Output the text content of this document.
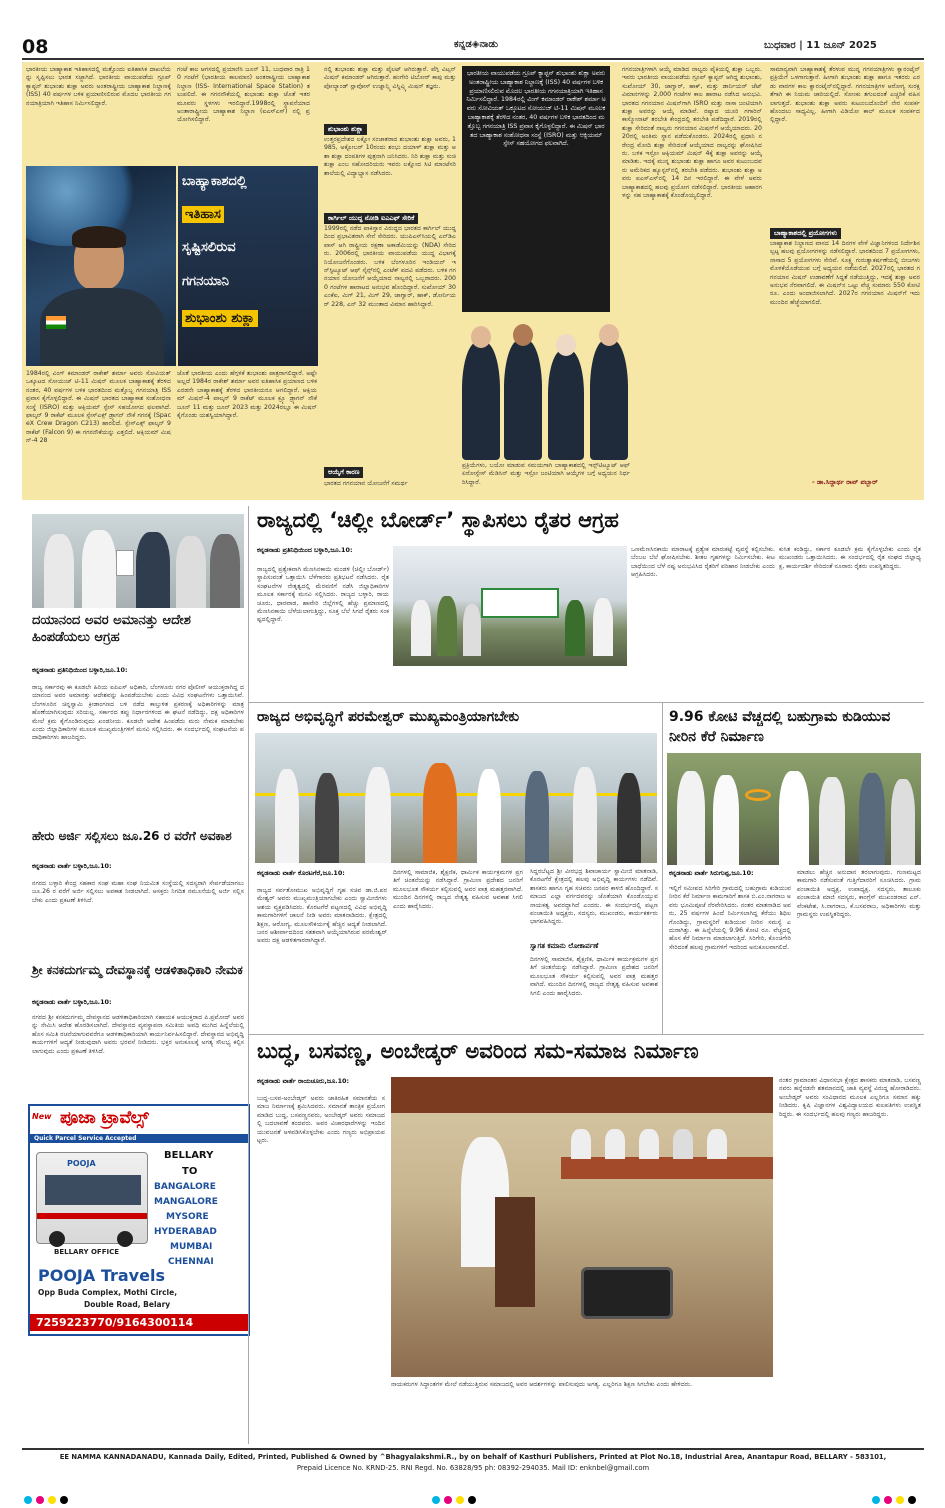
08	ಕನ್ನಡ◈ನಾಡು	ಬುಧವಾರ | 11 ಜೂನ್ 2025
ಭಾರತೀಯ ಬಾಹ್ಯಾಕಾಶ ಇತಿಹಾಸದಲ್ಲಿ ಮತ್ತೊಂದು ಐತಿಹಾಸಿಕ ದಾಖಲೆಯನ್ನು ಸೃಷ್ಟಿಸಲು ಭಾರತ ಸಜ್ಜಾಗಿದೆ. ಭಾರತೀಯ ವಾಯುಪಡೆಯ ಗ್ರೂಪ್ ಕ್ಯಾಪ್ಟನ್ ಶುಭಾಂಶು ಶುಕ್ಲಾ ಅವರು ಅಂತರಾಷ್ಟ್ರೀಯ ಬಾಹ್ಯಾಕಾಶ ನಿಲ್ದಾಣಕ್ಕೆ (ISS) 40 ವರ್ಷಗಳ ಬಳಿಕ ಪ್ರಯಾಣಿಸಲಿರುವ ಮೊದಲ ಭಾರತೀಯ ಗಗನಯಾತ್ರಿಯಾಗಿ ಇತಿಹಾಸ ನಿರ್ಮಿಸಲಿದ್ದಾರೆ.
ಗಂಟೆ ಕಾಲ ಆಗಸದಲ್ಲಿ ಪ್ರಯಾಣಿಸಿ ಜೂನ್ 11, ಬುಧವಾರ ರಾತ್ರಿ 10 ಗಂಟೆಗೆ (ಭಾರತೀಯ ಕಾಲಮಾನ) ಅಂತರಾಷ್ಟ್ರೀಯ ಬಾಹ್ಯಾಕಾಶ ನಿಲ್ದಾಣ (ISS- International Space Station) ತಲುಪಲಿದೆ. ಈ ಗಗನನೌಕೆಯಲ್ಲಿ ಶುಭಾಂಶು ಶುಕ್ಲಾ ಜೊತೆ ಇತರ ಮೂವರು ಸ್ಥಳಗಳು ಇರಲಿದ್ದಾರೆ.1998ರಲ್ಲಿ ಸ್ಥಾಪನೆಯಾದ ಅಂತಾರಾಷ್ಟ್ರೀಯ ಬಾಹ್ಯಾಕಾಶ ನಿಲ್ದಾಣ (ಐಎಸ್ಎಸ್) ನಲ್ಲಿ ಪ್ರಯೋಗಿಸಲಿದ್ದಾರೆ.
ಬಾಹ್ಯಾಕಾಶದಲ್ಲಿ
ಇತಿಹಾಸ
ಸೃಷ್ಟಿಸಲಿರುವ
ಗಗನಯಾನಿ
ಶುಭಾಂಶು ಶುಕ್ಲಾ
1984ರಲ್ಲಿ ವಿಂಗ್ ಕಮಾಂಡರ್ ರಾಕೇಶ್ ಶರ್ಮಾ ಅವರು ಸೋವಿಯತ್ ಒಕ್ಕೂಟದ ಸೋಯುಜ್ ಟಿ-11 ಮಿಷನ್ ಮೂಲಕ ಬಾಹ್ಯಾಕಾಶಕ್ಕೆ ತೆರಳಿದ ನಂತರ, 40 ವರ್ಷಗಳ ಬಳಿಕ ಭಾರತದಿಂದ ಮತ್ತೊಬ್ಬ ಗಗನಯಾತ್ರಿ ISS ಪ್ರವಾಸ ಕೈಗೊಳ್ಳಲಿದ್ದಾರೆ. ಈ ಮಿಷನ್ ಭಾರತದ ಬಾಹ್ಯಾಕಾಶ ಸಂಶೋಧನಾ ಸಂಸ್ಥೆ (ISRO) ಮತ್ತು ಆಕ್ಸಿಯಮ್ ಸ್ಪೇಸ್ ಸಹಯೋಗದ ಫಲವಾಗಿದೆ. ಫಾಲ್ಕನ್ 9 ರಾಕೆಟ್ ಮೂಲಕ ಸ್ಪೇಸ್ಎಕ್ಸ್ ಡ್ರ್ಯಾಗನ್ ನೌಕೆ ಗಗನಕ್ಕೆ (SpaceX Crew Dragon C213) ಹಾರಲಿದೆ. ಸ್ಪೇಸ್ಎಕ್ಸ್ ಫಾಲ್ಕನ್ 9 ರಾಕೆಟ್ (Falcon 9) ಈ ಗಗನನೌಕೆಯನ್ನು ಎತ್ತಲಿದೆ. ಆಕ್ಸಿಯಮ್ ಮಿಷನ್-4 28
ಜೊತೆ ಭಾರತೀಯ ಎಂದು ಹೆಗ್ಗಳಿಕೆ ಶುಭಾಂಶು ಪಾತ್ರರಾಗಲಿದ್ದಾರೆ. ಅಷ್ಟೇ ಅಲ್ಲದೆ 1984ರ ರಾಕೇಶ್ ಶರ್ಮಾ ಅವರ ಐತಿಹಾಸಿಕ ಪ್ರಯಾಣದ ಬಳಿಕ ಎರಡನೇ ಬಾಹ್ಯಾಕಾಶಕ್ಕೆ ತೆರಳಿದ ಭಾರತೀಯರೂ ಆಗಲಿದ್ದಾರೆ. ಆಕ್ಸಿಯಮ್ ಮಿಷನ್-4 ಪಾಲ್ಕನ್ 9 ರಾಕೆಟ್ ಮೂಲಕ ಕ್ರ್ಯೂ ಡ್ರ್ಯಾಗನ್ ನೌಕೆ ಜೂನ್ 11 ಮತ್ತು ಜೂನ್ 2023 ಮತ್ತು 2024ರಲ್ಲೂ ಈ ಮಿಷನ್ ಕೈಗೊಂಡು ಯಶಸ್ವಿಯಾಗಿದ್ದಾರೆ.
ನಲ್ಲಿ ಶುಭಾಂಶು ಶುಕ್ಲಾ ಮತ್ತು ಪೈಲಟ್ ಆಗಿರುತ್ತಾರೆ. ಪೆಗ್ಗಿ ವಿಟ್ಸನ್ ಮಿಷನ್ ಕಮಾಂಡರ್ ಆಗಿರುತ್ತಾರೆ. ಹಂಗೇರಿ ಟಿಬೋರ್ ಕಾಪು ಮತ್ತು ಪೋಲ್ಯಾಂಡ್ ಸ್ಲಾವೋಸ್ ಉಜ್ನಾನ್ಸ್ಕಿ ವಿಸ್ನಿವ್ಸ್ಕಿ ಮಿಷನ್ ತಜ್ಞರು.
ಶುಭಾಂಶು ಶುಕ್ಲಾ
ಉತ್ತರಪ್ರದೇಶದ ಲಕ್ನೋ ಸಂಜಾತರಾದ ಶುಭಾಂಶು ಶುಕ್ಲಾ ಅವರು, 1985, ಅಕ್ಟೋಬರ್ 10ರಂದು ಶಂಭು ದಯಾಳ್ ಶುಕ್ಲಾ ಮತ್ತು ಆಶಾ ಶುಕ್ಲಾ ದಂಪತಿಗಳ ಪುತ್ರನಾಗಿ ಜನಿಸಿದರು. ನಿರಿ ಶುಕ್ಲಾ ಮತ್ತು ಸುಚಿ ಶುಕ್ಲಾ ಎಂಬ ಸಹೋದರಿಯರು ಇವರು ಲಕ್ನೋದ ಸಿಟಿ ಮಾಂಟೆಸರಿ ಶಾಲೆಯಲ್ಲಿ ವಿದ್ಯಾಭ್ಯಾಸ ನಡೆಸಿದರು.
ಕಾರ್ಗಿಲ್ ಯುದ್ಧ ನೋಡಿ ಐಎಎಫ್ ಸೇರಿಕೆ
1999ರಲ್ಲಿ ನಡೆದ ಪಾಕಿಸ್ತಾನ ವಿರುದ್ಧದ ಭಾರತದ ಕಾರ್ಗಿಲ್ ಯುದ್ಧದಿಂದ ಪ್ರಭಾವಿತರಾಗಿ ಸೇನೆ ಸೇರಿದರು. ಯುಪಿಎಸ್‌ಸಿಯಲ್ಲಿ ಎನ್‌ಡಿಎ ಪಾಸ್ ಆಗಿ ರಾಷ್ಟ್ರೀಯ ರಕ್ಷಣಾ ಅಕಾಡೆಮಿಯನ್ನು (NDA) ಸೇರಿದರು. 2006ರಲ್ಲಿ ಭಾರತೀಯ ವಾಯುಪಡೆಯ ಯುದ್ಧ ವಿಭಾಗಕ್ಕೆ ನಿಯೋಜನೆಗೊಂಡರು. ಬಳಿಕ ಬೆಂಗಳೂರಿನ ಇಂಡಿಯನ್ ಇನ್‌ಸ್ಟಿಟ್ಯೂಟ್ ಆಫ್ ಸೈನ್ಸ್‌ನಲ್ಲಿ ಎಂಟೆಕ್ ಪದವಿ ಪಡೆದರು. ಬಳಿಕ ಗಗನಯಾನ ಯೋಜನೆಗೆ ಆಯ್ಕೆಯಾದ ನಾಲ್ವರಲ್ಲಿ ಒಬ್ಬರಾದರು. 2000 ಗಂಟೆಗಳ ಹಾರಾಟದ ಅನುಭವ ಹೊಂದಿದ್ದಾರೆ. ಸುಖೋಯ್ 30 ಎಂಕೆಐ, ಮಿಗ್ 21, ಮಿಗ್ 29, ಜಾಗ್ವಾರ್, ಹಾಕ್, ಡೋರ್ನಿಯರ್ 228, ಎನ್ 32 ಮುಂತಾದ ವಿಮಾನ ಹಾರಿಸಿದ್ದಾರೆ.
ಆಯ್ಕೆಗೆ ಕಾರಣ
ಭಾರತದ ಗಗನಯಾನ ಯೋಜನೆಗೆ ಸಮರ್ಥ
ಭಾರತೀಯ ವಾಯುಪಡೆಯ ಗ್ರೂಪ್ ಕ್ಯಾಪ್ಟನ್ ಶುಭಾಂಶು ಶುಕ್ಲಾ ಅವರು ಅಂತರಾಷ್ಟ್ರೀಯ ಬಾಹ್ಯಾಕಾಶ ನಿಲ್ದಾಣಕ್ಕೆ (ISS) 40 ವರ್ಷಗಳ ಬಳಿಕ ಪ್ರಯಾಣಿಸಲಿರುವ ಮೊದಲ ಭಾರತೀಯ ಗಗನಯಾತ್ರಿಯಾಗಿ ಇತಿಹಾಸ ನಿರ್ಮಿಸಲಿದ್ದಾರೆ. 1984ರಲ್ಲಿ ವಿಂಗ್ ಕಮಾಂಡರ್ ರಾಕೇಶ್ ಶರ್ಮಾ ಅವರು ಸೋವಿಯತ್ ಒಕ್ಕೂಟದ ಸೋಯುಜ್ ಟಿ-11 ಮಿಷನ್ ಮೂಲಕ ಬಾಹ್ಯಾಕಾಶಕ್ಕೆ ತೆರಳಿದ ನಂತರ, 40 ವರ್ಷಗಳ ಬಳಿಕ ಭಾರತದಿಂದ ಮತ್ತೊಬ್ಬ ಗಗನಯಾತ್ರಿ ISS ಪ್ರವಾಸ ಕೈಗೊಳ್ಳಲಿದ್ದಾರೆ. ಈ ಮಿಷನ್ ಭಾರತದ ಬಾಹ್ಯಾಕಾಶ ಸಂಶೋಧನಾ ಸಂಸ್ಥೆ (ISRO) ಮತ್ತು ಆಕ್ಸಿಯಮ್ ಸ್ಪೇಸ್ ಸಹಯೋಗದ ಫಲವಾಗಿದೆ.
ಪ್ರಕ್ರಿಯೆಗಳು, ಬಯೋ ಮಾಡುವ ಸಮಯಗಾಗಿ ಬಾಹ್ಯಾಕಾಶದಲ್ಲಿ ಇನ್ಸ್‌ಟಿಟ್ಯೂಟ್ ಆಫ್ ಏರೋಸ್ಪೇಸ್ ಮೆಡಿಸಿನ್ ಮತ್ತು ಇಸ್ರೋ ಜಂಟಿಯಾಗಿ ಆಯ್ಕೆಗಳ ಬಗ್ಗೆ ಅಧ್ಯಯನ ನಿರ್ಧರಿಸಿದ್ದಾರೆ.
ಗಗನಯಾತ್ರಿಗಳಾಗಿ ಆಯ್ಕೆ ಮಾಡಿದ ನಾಲ್ವರು ಪೈಕಿಯಲ್ಲಿ ಶುಕ್ಲಾ ಒಬ್ಬರು. ಇವರು ಭಾರತೀಯ ವಾಯುಪಡೆಯ ಗ್ರೂಪ್ ಕ್ಯಾಪ್ಟನ್ ಆಗಿದ್ದ ಶುಭಾಂಶು, ಸುಖೋಯ್ 30, ಜಾಗ್ವಾರ್, ಹಾಕ್, ಮತ್ತು ಡಾರ್ನಿಯರ್ ಜೆಟ್ ವಿಮಾನಗಳನ್ನು 2,000 ಗಂಟೆಗಳ ಕಾಲ ಹಾರಾಟ ನಡೆಸಿದ ಅನುಭವಿ. ಭಾರತದ ಗಗನಯಾನ ಮಿಷನ್‌ಗಾಗಿ ISRO ಮತ್ತು ನಾಸಾ ಜಂಟಿಯಾಗಿ ಶುಕ್ಲಾ ಅವರನ್ನು ಆಯ್ಕೆ ಮಾಡಿವೆ. ರಷ್ಯಾದ ಯೂರಿ ಗಗಾರಿನ್ ಕಾಸ್ಮೋನಾಟ್ ತರಬೇತಿ ಕೇಂದ್ರದಲ್ಲಿ ತರಬೇತಿ ಪಡೆದಿದ್ದಾರೆ. 2019ರಲ್ಲಿ ಶುಕ್ಲಾ ಸೇರಿದಂತೆ ನಾಲ್ವರು ಗಗನಯಾನ ಮಿಷನ್‌ಗೆ ಆಯ್ಕೆಯಾದರು. 2020ರಲ್ಲಿ ಅಂತಿಮ ಸ್ಥಾನ ಪಡೆದುಕೊಂಡರು. 2024ರಲ್ಲಿ ಪ್ರಧಾನಿ ನರೇಂದ್ರ ಮೋದಿ ಶುಕ್ಲಾ ಸೇರಿದಂತೆ ಆಯ್ಕೆಯಾದ ನಾಲ್ವರನ್ನು ಘೋಷಿಸಿದರು. ಬಳಿಕ ಇಸ್ರೋ ಆಕ್ಸಿಯಮ್ ಮಿಷನ್ 4ಕ್ಕೆ ಶುಕ್ಲಾ ಅವರನ್ನು ಆಯ್ಕೆ ಮಾಡಿತು. ಇದಕ್ಕೆ ಮುನ್ನ ಶುಭಾಂಶು ಶುಕ್ಲಾ ಹಾಗೂ ಅವರ ಕುಟುಂಬದವರು ಅಮೆರಿಕದ ಹ್ಯೂಸ್ಟನ್‌ನಲ್ಲಿ ತರಬೇತಿ ಪಡೆದರು. ಶುಭಾಂಶು ಶುಕ್ಲಾ ಅವರು ಐಎಸ್‌ಎಸ್‌ನಲ್ಲಿ 14 ದಿನ ಇರಲಿದ್ದಾರೆ. ಈ ವೇಳೆ ಅವರು ಬಾಹ್ಯಾಕಾಶದಲ್ಲಿ ಹಲವು ಪ್ರಯೋಗ ನಡೆಸಲಿದ್ದಾರೆ. ಭಾರತೀಯ ಆಹಾರಗಳನ್ನು ಸಹ ಬಾಹ್ಯಾಕಾಶಕ್ಕೆ ಕೊಂಡೊಯ್ಯಲಿದ್ದಾರೆ.
ಸಾಮಾನ್ಯವಾಗಿ ಬಾಹ್ಯಾಕಾಶಕ್ಕೆ ತೆರಳುವ ಮುನ್ನ ಗಗನಯಾತ್ರಿಗಳು ಕ್ವಾರಂಟೈನ್ ಪ್ರಕ್ರಿಯೆಗೆ ಒಳಗಾಗುತ್ತಾರೆ. ಹೀಗಾಗಿ ಶುಭಾಂಶು ಶುಕ್ಲಾ ಹಾಗೂ ಇತರರು ಎರಡು ವಾರಗಳ ಕಾಲ ಕ್ವಾರಂಟೈನ್‌ನಲ್ಲಿದ್ದಾರೆ. ಗಗನಯಾತ್ರಿಗಳ ಆರೋಗ್ಯ ಸುರಕ್ಷತೆಗಾಗಿ ಈ ನಿಯಮ ಜಾರಿಯಲ್ಲಿದೆ. ಸೋಂಕು ತಗುಲದಂತೆ ಎಚ್ಚರಿಕೆ ವಹಿಸಲಾಗುತ್ತದೆ. ಶುಭಾಂಶು ಶುಕ್ಲಾ ಅವರು ಕುಟುಂಬದೊಂದಿಗೆ ನೇರ ಸಂಪರ್ಕ ಹೊಂದಲು ಸಾಧ್ಯವಿಲ್ಲ. ಹೀಗಾಗಿ ವಿಡಿಯೋ ಕಾಲ್ ಮೂಲಕ ಸಂಪರ್ಕದಲ್ಲಿದ್ದಾರೆ.
ಬಾಹ್ಯಾಕಾಶದಲ್ಲಿ ಪ್ರಯೋಗಗಳು
ಬಾಹ್ಯಾಕಾಶ ನಿಲ್ದಾಣದ ವಾಸದ 14 ದಿನಗಳ ವೇಳೆ ವಿಜ್ಞಾನಿಗಳಿಂದ ನಿರ್ದೇಶಿಸಲ್ಪಟ್ಟ ಹಲವು ಪ್ರಯೋಗಗಳನ್ನು ನಡೆಸಲಿದ್ದಾರೆ. ಭಾರತದಿಂದ 7 ಪ್ರಯೋಗಗಳು, ನಾಸಾದ 5 ಪ್ರಯೋಗಗಳು ಸೇರಿವೆ. ಸೂಕ್ಷ್ಮ ಗುರುತ್ವಾಕರ್ಷಣೆಯಲ್ಲಿ ಬೀಜಗಳು ಮೊಳಕೆಯೊಡೆಯುವ ಬಗ್ಗೆ ಅಧ್ಯಯನ ನಡೆಯಲಿದೆ. 2027ರಲ್ಲಿ ಭಾರತದ ಗಗನಯಾನ ಮಿಷನ್ ಉಡಾವಣೆಗೆ ಸಿದ್ಧತೆ ನಡೆಯುತ್ತಿದ್ದು, ಇದಕ್ಕೆ ಶುಕ್ಲಾ ಅವರ ಅನುಭವ ನೆರವಾಗಲಿದೆ. ಈ ಮಿಷನ್‌ನ ಒಟ್ಟು ವೆಚ್ಚ ಸುಮಾರು 550 ಕೋಟಿ ರೂ. ಎಂದು ಅಂದಾಜಿಸಲಾಗಿದೆ. 2027ರ ಗಗನಯಾನ ಮಿಷನ್‌ಗೆ ಇದು ಮುಂದಿನ ಹೆಜ್ಜೆಯಾಗಲಿದೆ.
- ಡಾ.ಸಿದ್ದಾರ್ಥ ರಾವ್ ಪಬ್ಬಾರ್
ದಯಾನಂದ ಅವರ ಅಮಾನತ್ತು ಆದೇಶ ಹಿಂಪಡೆಯಲು ಆಗ್ರಹ
ಕನ್ನಡನಾಡು ಪ್ರತಿನಿಧಿಯಿಂದ ಬಳ್ಳಾರಿ,ಜೂ.10:
ರಾಜ್ಯ ಸರ್ಕಾರವು ಈ ಕೂಡಲೇ ಹಿರಿಯ ಐಪಿಎಸ್ ಅಧಿಕಾರಿ, ಬೆಂಗಳೂರು ನಗರ ಪೊಲೀಸ್ ಆಯುಕ್ತರಾಗಿದ್ದ ದಯಾನಂದ ಅವರ ಅಮಾನತ್ತು ಆದೇಶವನ್ನು ಹಿಂಪಡೆಯಬೇಕು ಎಂದು ವಿವಿಧ ಸಂಘಟನೆಗಳು ಒತ್ತಾಯಿಸಿವೆ. ಬೆಂಗಳೂರಿನ ಚಿನ್ನಸ್ವಾಮಿ ಕ್ರೀಡಾಂಗಣದ ಬಳಿ ನಡೆದ ಕಾಲ್ತುಳಿತ ಪ್ರಕರಣಕ್ಕೆ ಅಧಿಕಾರಿಗಳನ್ನು ಮಾತ್ರ ಹೊಣೆಯಾಗಿಸುವುದು ಸರಿಯಲ್ಲ. ಸರ್ಕಾರದ ತಪ್ಪು ನಿರ್ಧಾರಗಳಿಂದ ಈ ಘಟನೆ ನಡೆದಿದ್ದು, ದಕ್ಷ ಅಧಿಕಾರಿಗಳ ಮೇಲೆ ಕ್ರಮ ಕೈಗೊಂಡಿರುವುದು ಖಂಡನೀಯ. ಕೂಡಲೇ ಆದೇಶ ಹಿಂಪಡೆದು ಮರು ನೇಮಕ ಮಾಡಬೇಕು ಎಂದು ಜಿಲ್ಲಾಧಿಕಾರಿಗಳ ಮೂಲಕ ಮುಖ್ಯಮಂತ್ರಿಗಳಿಗೆ ಮನವಿ ಸಲ್ಲಿಸಿದರು. ಈ ಸಂದರ್ಭದಲ್ಲಿ ಸಂಘಟನೆಯ ಪದಾಧಿಕಾರಿಗಳು ಹಾಜರಿದ್ದರು.
ಹೇರು ಅರ್ಜಿ ಸಲ್ಲಿಸಲು ಜೂ.26 ರ ವರೆಗೆ ಅವಕಾಶ
ಕನ್ನಡನಾಡು ವಾರ್ತೆ ಬಳ್ಳಾರಿ,ಜೂ.10:
ನಗರದ ಬಳ್ಳಾರಿ ಕೇಂದ್ರ ಸಹಕಾರ ಸಂಘ ಮಹಾ ಸಂಘ ನಿಯಮಿತ ಸಂಸ್ಥೆಯಲ್ಲಿ ಸದಸ್ಯರಾಗಿ ಸೇರ್ಪಡೆಯಾಗಲು ಜೂ.26 ರ ವರೆಗೆ ಅರ್ಜಿ ಸಲ್ಲಿಸಲು ಅವಕಾಶ ನೀಡಲಾಗಿದೆ. ಆಸಕ್ತರು ನಿಗದಿತ ನಮೂನೆಯಲ್ಲಿ ಅರ್ಜಿ ಸಲ್ಲಿಸಬೇಕು ಎಂದು ಪ್ರಕಟಣೆ ತಿಳಿಸಿದೆ.
ಶ್ರೀ ಕನಕದುರ್ಗಮ್ಮ ದೇವಸ್ಥಾನಕ್ಕೆ ಆಡಳಿತಾಧಿಕಾರಿ ನೇಮಕ
ಕನ್ನಡನಾಡು ವಾರ್ತೆ ಬಳ್ಳಾರಿ,ಜೂ.10:
ನಗರದ ಶ್ರೀ ಕನಕದುರ್ಗಮ್ಮ ದೇವಸ್ಥಾನದ ಆಡಳಿತಾಧಿಕಾರಿಯಾಗಿ ಸಹಾಯಕ ಆಯುಕ್ತರಾದ ಪಿ.ಪ್ರಮೋದ್ ಅವರನ್ನು ನೇಮಿಸಿ ಆದೇಶ ಹೊರಡಿಸಲಾಗಿದೆ. ದೇವಸ್ಥಾನದ ವ್ಯವಸ್ಥಾಪನಾ ಸಮಿತಿಯ ಅವಧಿ ಮುಗಿದ ಹಿನ್ನೆಲೆಯಲ್ಲಿ ಹೊಸ ಸಮಿತಿ ರಚನೆಯಾಗುವವರೆಗೂ ಆಡಳಿತಾಧಿಕಾರಿಯಾಗಿ ಕಾರ್ಯನಿರ್ವಹಿಸಲಿದ್ದಾರೆ. ದೇವಸ್ಥಾನದ ಅಭಿವೃದ್ಧಿ ಕಾರ್ಯಗಳಿಗೆ ಆದ್ಯತೆ ನೀಡುವುದಾಗಿ ಅವರು ಭರವಸೆ ನೀಡಿದರು. ಭಕ್ತರ ಅನುಕೂಲಕ್ಕೆ ಅಗತ್ಯ ಸೌಲಭ್ಯ ಕಲ್ಪಿಸಲಾಗುವುದು ಎಂದು ಪ್ರಕಟಣೆ ತಿಳಿಸಿದೆ.
New ಪೂಜಾ ಟ್ರಾವೆಲ್ಸ್
Quick Parcel Service Accepted
POOJA
BELLARY
TO
BANGALORE
MANGALORE
MYSORE
HYDERABAD
MUMBAI
CHENNAI
BELLARY OFFICE
POOJA Travels
Opp Buda Complex, Mothi Circle,
Double Road, Belary
7259223770/9164300114
ರಾಜ್ಯದಲ್ಲಿ ‘ಚಿಲ್ಲೀ ಬೋರ್ಡ್’ ಸ್ಥಾಪಿಸಲು ರೈತರ ಆಗ್ರಹ
ಕನ್ನಡನಾಡು ಪ್ರತಿನಿಧಿಯಿಂದ ಬಳ್ಳಾರಿ,ಜೂ.10:
ರಾಜ್ಯದಲ್ಲಿ ಪ್ರತ್ಯೇಕವಾಗಿ ಮೆಣಸಿನಕಾಯಿ ಮಂಡಳಿ (ಚಿಲ್ಲೀ ಬೋರ್ಡ್) ಸ್ಥಾಪಿಸುವಂತೆ ಒತ್ತಾಯಿಸಿ ಬೆಳೆಗಾರರು ಪ್ರತಿಭಟನೆ ನಡೆಸಿದರು. ರೈತ ಸಂಘಟನೆಗಳ ನೇತೃತ್ವದಲ್ಲಿ ಮೆರವಣಿಗೆ ನಡೆಸಿ ಜಿಲ್ಲಾಧಿಕಾರಿಗಳ ಮೂಲಕ ಸರ್ಕಾರಕ್ಕೆ ಮನವಿ ಸಲ್ಲಿಸಿದರು. ರಾಜ್ಯದ ಬಳ್ಳಾರಿ, ರಾಯಚೂರು, ಧಾರವಾಡ, ಹಾವೇರಿ ಜಿಲ್ಲೆಗಳಲ್ಲಿ ಹೆಚ್ಚು ಪ್ರಮಾಣದಲ್ಲಿ ಮೆಣಸಿನಕಾಯಿ ಬೆಳೆಯಲಾಗುತ್ತಿದ್ದು, ಸೂಕ್ತ ಬೆಲೆ ಸಿಗದೆ ರೈತರು ಸಂಕಷ್ಟದಲ್ಲಿದ್ದಾರೆ.
ಒಣಮೆಣಸಿನಕಾಯಿ ಮಾರಾಟಕ್ಕೆ ಪ್ರತ್ಯೇಕ ಮಾರುಕಟ್ಟೆ ವ್ಯವಸ್ಥೆ ಕಲ್ಪಿಸಬೇಕು. ಬೆಂಬಲ ಬೆಲೆ ಘೋಷಿಸಬೇಕು. ಶೀತಲ ಗೃಹಗಳನ್ನು ನಿರ್ಮಿಸಬೇಕು. ಕೀಟ ಬಾಧೆಯಿಂದ ಬೆಳೆ ನಷ್ಟ ಅನುಭವಿಸಿದ ರೈತರಿಗೆ ಪರಿಹಾರ ನೀಡಬೇಕು ಎಂದು ಆಗ್ರಹಿಸಿದರು.
ಕುಸಿತ ಕಂಡಿದ್ದು, ಸರ್ಕಾರ ಕೂಡಲೇ ಕ್ರಮ ಕೈಗೊಳ್ಳಬೇಕು ಎಂದು ರೈತ ಮುಖಂಡರು ಒತ್ತಾಯಿಸಿದರು. ಈ ಸಂದರ್ಭದಲ್ಲಿ ರೈತ ಸಂಘದ ಜಿಲ್ಲಾಧ್ಯಕ್ಷ, ಕಾರ್ಯದರ್ಶಿ ಸೇರಿದಂತೆ ನೂರಾರು ರೈತರು ಉಪಸ್ಥಿತರಿದ್ದರು.
ರಾಜ್ಯದ ಅಭಿವೃದ್ಧಿಗೆ ಪರಮೇಶ್ವರ್ ಮುಖ್ಯಮಂತ್ರಿಯಾಗಬೇಕು
ಕನ್ನಡನಾಡು ವಾರ್ತೆ ಕೊರಟಗೆರೆ,ಜೂ.10:
ರಾಜ್ಯದ ಸರ್ವತೋಮುಖ ಅಭಿವೃದ್ಧಿಗೆ ಗೃಹ ಸಚಿವ ಡಾ.ಜಿ.ಪರಮೇಶ್ವರ್ ಅವರು ಮುಖ್ಯಮಂತ್ರಿಯಾಗಬೇಕು ಎಂದು ಸ್ವಾಮೀಜಿಗಳು ಆಶಯ ವ್ಯಕ್ತಪಡಿಸಿದರು. ಕೊರಟಗೆರೆ ಪಟ್ಟಣದಲ್ಲಿ ವಿವಿಧ ಅಭಿವೃದ್ಧಿ ಕಾಮಗಾರಿಗಳಿಗೆ ಚಾಲನೆ ನೀಡಿ ಅವರು ಮಾತನಾಡಿದರು. ಕ್ಷೇತ್ರದಲ್ಲಿ ಶಿಕ್ಷಣ, ಆರೋಗ್ಯ, ಮೂಲಸೌಕರ್ಯಕ್ಕೆ ಹೆಚ್ಚಿನ ಆದ್ಯತೆ ನೀಡಲಾಗಿದೆ. ಜನರ ಆಶೀರ್ವಾದದಿಂದ ಸತತವಾಗಿ ಆಯ್ಕೆಯಾಗಿರುವ ಪರಮೇಶ್ವರ್ ಅವರು ದಕ್ಷ ಆಡಳಿತಗಾರರಾಗಿದ್ದಾರೆ.
ದಿನಗಳಲ್ಲಿ ಸಾಮಾಜಿಕ, ಶೈಕ್ಷಣಿಕ, ಧಾರ್ಮಿಕ ಕಾರ್ಯಕ್ರಮಗಳ ಪ್ರಗತಿಗೆ ಚಿಂತನೆಯನ್ನು ನಡೆಸಿದ್ದಾರೆ. ಗ್ರಾಮೀಣ ಪ್ರದೇಶದ ಜನರಿಗೆ ಮೂಲಭೂತ ಸೌಕರ್ಯ ಕಲ್ಪಿಸುವಲ್ಲಿ ಅವರ ಪಾತ್ರ ಮಹತ್ತರವಾಗಿದೆ. ಮುಂದಿನ ದಿನಗಳಲ್ಲಿ ರಾಜ್ಯದ ನೇತೃತ್ವ ವಹಿಸುವ ಅವಕಾಶ ಸಿಗಲಿ ಎಂದು ಹಾರೈಸಿದರು.
ಸಿದ್ದರಬೆಟ್ಟದ ಶ್ರೀ ವೀರಭದ್ರ ಶಿವಾಚಾರ್ಯ ಸ್ವಾಮೀಜಿ ಮಾತನಾಡಿ, ಕೊರಟಗೆರೆ ಕ್ಷೇತ್ರದಲ್ಲಿ ಹಲವು ಅಭಿವೃದ್ಧಿ ಕಾರ್ಯಗಳು ನಡೆದಿವೆ. ಶಾಸಕರು ಹಾಗೂ ಗೃಹ ಸಚಿವರು ಜನಪರ ಕಾಳಜಿ ಹೊಂದಿದ್ದಾರೆ. ಸಮಾಜದ ಎಲ್ಲಾ ವರ್ಗದವರನ್ನು ಜೊತೆಯಾಗಿ ಕೊಂಡೊಯ್ಯುವ ನಾಯಕತ್ವ ಅವರದ್ದಾಗಿದೆ ಎಂದರು. ಈ ಸಂದರ್ಭದಲ್ಲಿ ಪಟ್ಟಣ ಪಂಚಾಯಿತಿ ಅಧ್ಯಕ್ಷರು, ಸದಸ್ಯರು, ಮುಖಂಡರು, ಕಾರ್ಯಕರ್ತರು ಭಾಗವಹಿಸಿದ್ದರು.
ಸ್ವಾಗತ ಕಮಾನು ಲೋಕಾರ್ಪಣೆ
ದಿನಗಳಲ್ಲಿ ಸಾಮಾಜಿಕ, ಶೈಕ್ಷಣಿಕ, ಧಾರ್ಮಿಕ ಕಾರ್ಯಕ್ರಮಗಳ ಪ್ರಗತಿಗೆ ಚಿಂತನೆಯನ್ನು ನಡೆಸಿದ್ದಾರೆ. ಗ್ರಾಮೀಣ ಪ್ರದೇಶದ ಜನರಿಗೆ ಮೂಲಭೂತ ಸೌಕರ್ಯ ಕಲ್ಪಿಸುವಲ್ಲಿ ಅವರ ಪಾತ್ರ ಮಹತ್ತರವಾಗಿದೆ. ಮುಂದಿನ ದಿನಗಳಲ್ಲಿ ರಾಜ್ಯದ ನೇತೃತ್ವ ವಹಿಸುವ ಅವಕಾಶ ಸಿಗಲಿ ಎಂದು ಹಾರೈಸಿದರು.
9.96 ಕೋಟಿ ವೆಚ್ಚದಲ್ಲಿ ಬಹುಗ್ರಾಮ ಕುಡಿಯುವ ನೀರಿನ ಕೆರೆ ನಿರ್ಮಾಣ
ಕನ್ನಡನಾಡು ವಾರ್ತೆ ಸಿರುಗುಪ್ಪ,ಜೂ.10:
ಇಲ್ಲಿಗೆ ಸಮೀಪದ ಸಿರಿಗೇರಿ ಗ್ರಾಮದಲ್ಲಿ ಬಹುಗ್ರಾಮ ಕುಡಿಯುವ ನೀರಿನ ಕೆರೆ ನಿರ್ಮಾಣ ಕಾಮಗಾರಿಗೆ ಶಾಸಕ ಬಿ.ಎಂ.ನಾಗರಾಜ ಅವರು ಭೂಮಿಪೂಜೆ ನೆರವೇರಿಸಿದರು. ನಂತರ ಮಾತನಾಡಿದ ಅವರು, 25 ವರ್ಷಗಳ ಹಿಂದೆ ನಿರ್ಮಿಸಲಾಗಿದ್ದ ಕೆರೆಯು ಶಿಥಿಲಗೊಂಡಿದ್ದು, ಗ್ರಾಮಸ್ಥರಿಗೆ ಕುಡಿಯುವ ನೀರಿನ ಸಮಸ್ಯೆ ಎದುರಾಗಿತ್ತು. ಈ ಹಿನ್ನೆಲೆಯಲ್ಲಿ 9.96 ಕೋಟಿ ರೂ. ವೆಚ್ಚದಲ್ಲಿ ಹೊಸ ಕೆರೆ ನಿರ್ಮಾಣ ಮಾಡಲಾಗುತ್ತಿದೆ. ಸಿರಿಗೇರಿ, ಕೊಂಚಿಗೇರಿ ಸೇರಿದಂತೆ ಹಲವು ಗ್ರಾಮಗಳಿಗೆ ಇದರಿಂದ ಅನುಕೂಲವಾಗಲಿದೆ.
ಮಾಡಲು ಹೆಚ್ಚಿನ ಅನುದಾನ ತರಲಾಗುವುದು. ಗುಣಮಟ್ಟದ ಕಾಮಗಾರಿ ನಡೆಸುವಂತೆ ಗುತ್ತಿಗೆದಾರರಿಗೆ ಸೂಚಿಸಿದರು. ಗ್ರಾಮ ಪಂಚಾಯಿತಿ ಅಧ್ಯಕ್ಷ, ಉಪಾಧ್ಯಕ್ಷ, ಸದಸ್ಯರು, ತಾಲೂಕು ಪಂಚಾಯಿತಿ ಮಾಜಿ ಸದಸ್ಯರು, ಕಾಂಗ್ರೆಸ್ ಮುಖಂಡರಾದ ಎನ್.ವೆಂಕಟೇಶ, ಸಿ.ನಾಗರಾಜ, ಕೆ.ಬಸವರಾಜ, ಅಧಿಕಾರಿಗಳು ಮತ್ತು ಗ್ರಾಮಸ್ಥರು ಉಪಸ್ಥಿತರಿದ್ದರು.
ಬುದ್ಧ, ಬಸವಣ್ಣ, ಅಂಬೇಡ್ಕರ್ ಅವರಿಂದ ಸಮ-ಸಮಾಜ ನಿರ್ಮಾಣ
ಕನ್ನಡನಾಡು ವಾರ್ತೆ ರಾಯಚೂರು,ಜೂ.10:
ಬುದ್ಧ-ಬಸವ-ಅಂಬೇಡ್ಕರ್ ಅವರು ಜಾತಿರಹಿತ ಸಮಾನತೆಯ ಸಮಾಜ ನಿರ್ಮಾಣಕ್ಕೆ ಶ್ರಮಿಸಿದವರು. ಸಮಾನತೆ ತಾಂತ್ರಿಕ ಪ್ರಯೋಗ ಮಾಡಿದ ಬುದ್ಧ, ಬಸವಣ್ಣನವರು, ಅಂಬೇಡ್ಕರ್ ಅವರು ಸಮಾಜದಲ್ಲಿ ಬದಲಾವಣೆ ತಂದವರು. ಅವರ ವಿಚಾರಧಾರೆಗಳನ್ನು ಇಂದಿನ ಯುವಜನತೆ ಅಳವಡಿಸಿಕೊಳ್ಳಬೇಕು ಎಂದು ಗಣ್ಯರು ಅಭಿಪ್ರಾಯಪಟ್ಟರು.
ನಾಯಕರುಗಳ ಸಿದ್ಧಾಂತಗಳ ಮೇಲೆ ನಡೆಯುತ್ತಿರುವ ಸಮಾಜದಲ್ಲಿ ಅವರ ಆದರ್ಶಗಳನ್ನು ಪಾಲಿಸುವುದು ಅಗತ್ಯ. ಎಲ್ಲರಿಗೂ ಶಿಕ್ಷಣ ಸಿಗಬೇಕು ಎಂದು ಹೇಳಿದರು.
ನಂತರ ಗ್ರಾಮಾಂತರ ವಿಧಾನಸಭಾ ಕ್ಷೇತ್ರದ ಶಾಸಕರು ಮಾತನಾಡಿ, ಬಸವಣ್ಣನವರು ಹನ್ನೆರಡನೇ ಶತಮಾನದಲ್ಲಿ ಜಾತಿ ವ್ಯವಸ್ಥೆ ವಿರುದ್ಧ ಹೋರಾಡಿದರು. ಅಂಬೇಡ್ಕರ್ ಅವರು ಸಂವಿಧಾನದ ಮೂಲಕ ಎಲ್ಲರಿಗೂ ಸಮಾನ ಹಕ್ಕು ನೀಡಿದರು. ಕೃಷಿ ವಿಜ್ಞಾನಗಳ ವಿಶ್ವವಿದ್ಯಾಲಯದ ಕುಲಪತಿಗಳು ಉಪಸ್ಥಿತರಿದ್ದರು. ಈ ಸಂದರ್ಭದಲ್ಲಿ ಹಲವು ಗಣ್ಯರು ಹಾಜರಿದ್ದರು.
EE NAMMA KANNADANADU, Kannada Daily, Edited, Printed, Published & Owned by ^Bhagyalakshmi.R., by on behalf of Kasthuri Publishers, Printed at Plot No.18, Industrial Area, Anantapur Road, BELLARY - 583101,
Prepaid Licence No. KRND-25. RNI Regd. No. 63828/95 ph: 08392-294035. Mail ID: enknbel@gmail.com
